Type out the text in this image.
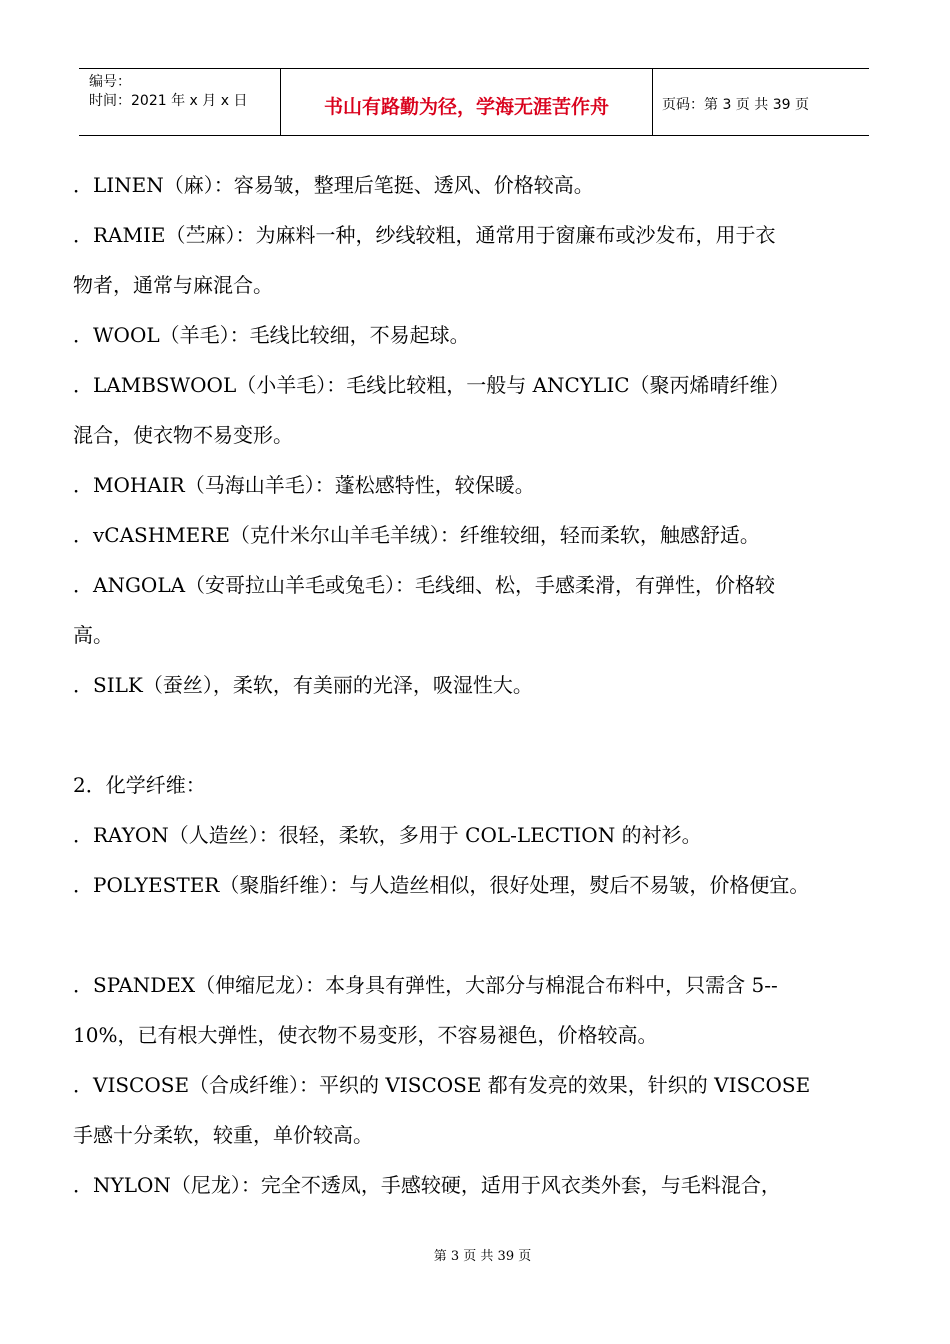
编号：
时间：2021 年 x 月 x 日	书山有路勤为径，学海无涯苦作舟	页码：第 3 页 共 39 页

．LINEN（麻）：容易皱，整理后笔挺、透风、价格较高。

．RAMIE（苎麻）：为麻料一种，纱线较粗，通常用于窗廉布或沙发布，用于衣

物者，通常与麻混合。

．WOOL（羊毛）：毛线比较细，不易起球。

．LAMBSWOOL（小羊毛）：毛线比较粗，一般与 ANCYLIC（聚丙烯晴纤维）

混合，使衣物不易变形。

．MOHAIR（马海山羊毛）：蓬松感特性，较保暖。

．vCASHMERE（克什米尔山羊毛羊绒）：纤维较细，轻而柔软，触感舒适。

．ANGOLA（安哥拉山羊毛或兔毛）：毛线细、松，手感柔滑，有弹性，价格较

高。

．SILK（蚕丝），柔软，有美丽的光泽，吸湿性大。

2．化学纤维：

．RAYON（人造丝）：很轻，柔软，多用于 COL-LECTION 的衬衫。

．POLYESTER（聚脂纤维）：与人造丝相似，很好处理，熨后不易皱，价格便宜。

．SPANDEX（伸缩尼龙）：本身具有弹性，大部分与棉混合布料中，只需含 5--

10%，已有根大弹性，使衣物不易变形，不容易褪色，价格较高。

．VISCOSE（合成纤维）：平织的 VISCOSE 都有发亮的效果，针织的 VISCOSE

手感十分柔软，较重，单价较高。

．NYLON（尼龙）：完全不透凤，手感较硬，适用于风衣类外套，与毛料混合，

第 3 页 共 39 页
